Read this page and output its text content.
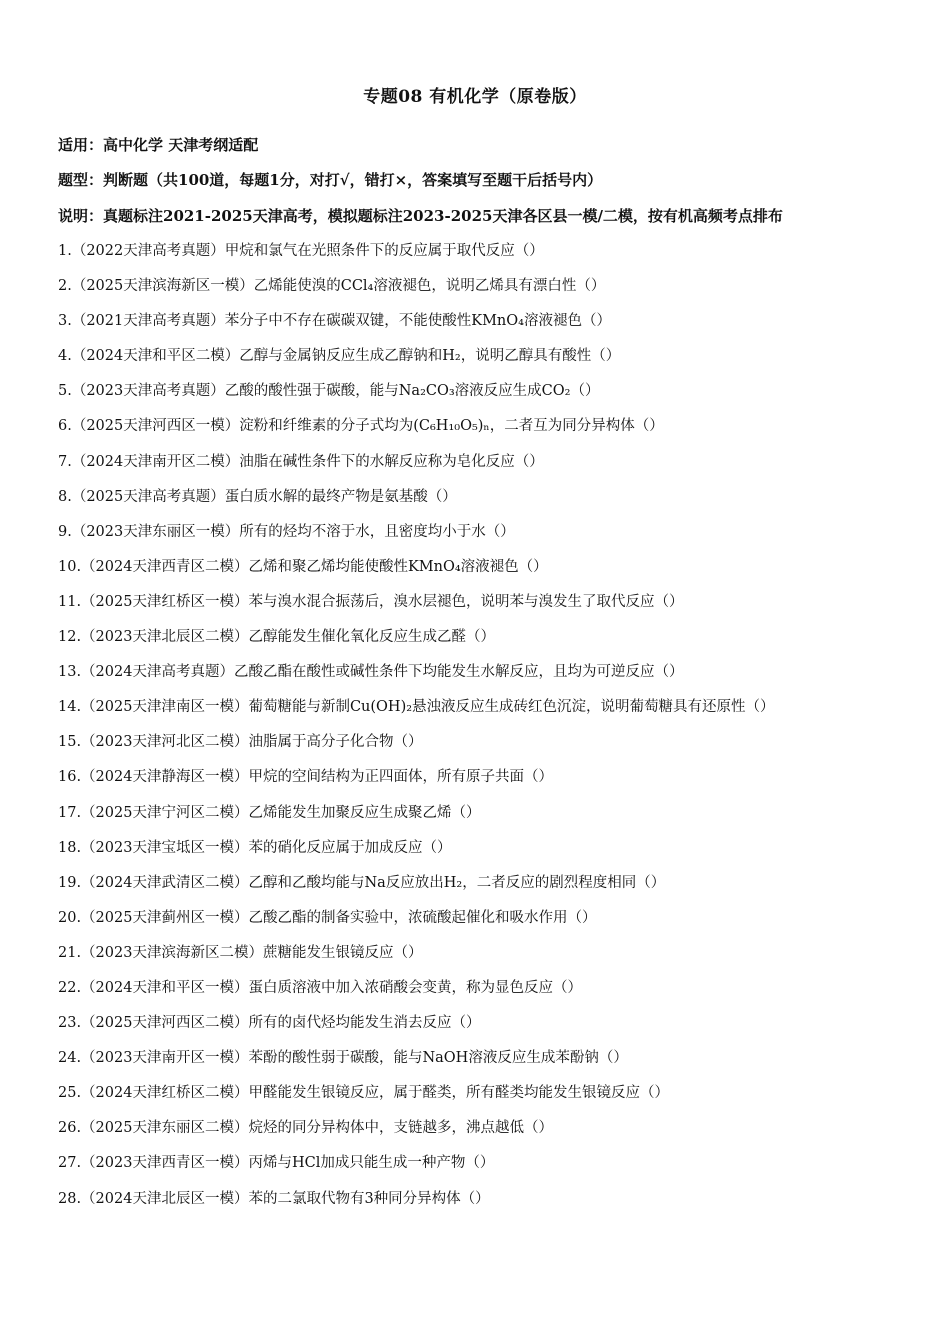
专题08 有机化学（原卷版）
适用：高中化学 天津考纲适配
题型：判断题（共100道，每题1分，对打√，错打×，答案填写至题干后括号内）
说明：真题标注2021-2025天津高考，模拟题标注2023-2025天津各区县一模/二模，按有机高频考点排布
1.（2022天津高考真题）甲烷和氯气在光照条件下的反应属于取代反应（）
2.（2025天津滨海新区一模）乙烯能使溴的CCl₄溶液褪色，说明乙烯具有漂白性（）
3.（2021天津高考真题）苯分子中不存在碳碳双键，不能使酸性KMnO₄溶液褪色（）
4.（2024天津和平区二模）乙醇与金属钠反应生成乙醇钠和H₂，说明乙醇具有酸性（）
5.（2023天津高考真题）乙酸的酸性强于碳酸，能与Na₂CO₃溶液反应生成CO₂（）
6.（2025天津河西区一模）淀粉和纤维素的分子式均为(C₆H₁₀O₅)ₙ，二者互为同分异构体（）
7.（2024天津南开区二模）油脂在碱性条件下的水解反应称为皂化反应（）
8.（2025天津高考真题）蛋白质水解的最终产物是氨基酸（）
9.（2023天津东丽区一模）所有的烃均不溶于水，且密度均小于水（）
10.（2024天津西青区二模）乙烯和聚乙烯均能使酸性KMnO₄溶液褪色（）
11.（2025天津红桥区一模）苯与溴水混合振荡后，溴水层褪色，说明苯与溴发生了取代反应（）
12.（2023天津北辰区二模）乙醇能发生催化氧化反应生成乙醛（）
13.（2024天津高考真题）乙酸乙酯在酸性或碱性条件下均能发生水解反应，且均为可逆反应（）
14.（2025天津津南区一模）葡萄糖能与新制Cu(OH)₂悬浊液反应生成砖红色沉淀，说明葡萄糖具有还原性（）
15.（2023天津河北区二模）油脂属于高分子化合物（）
16.（2024天津静海区一模）甲烷的空间结构为正四面体，所有原子共面（）
17.（2025天津宁河区二模）乙烯能发生加聚反应生成聚乙烯（）
18.（2023天津宝坻区一模）苯的硝化反应属于加成反应（）
19.（2024天津武清区二模）乙醇和乙酸均能与Na反应放出H₂，二者反应的剧烈程度相同（）
20.（2025天津蓟州区一模）乙酸乙酯的制备实验中，浓硫酸起催化和吸水作用（）
21.（2023天津滨海新区二模）蔗糖能发生银镜反应（）
22.（2024天津和平区一模）蛋白质溶液中加入浓硝酸会变黄，称为显色反应（）
23.（2025天津河西区二模）所有的卤代烃均能发生消去反应（）
24.（2023天津南开区一模）苯酚的酸性弱于碳酸，能与NaOH溶液反应生成苯酚钠（）
25.（2024天津红桥区二模）甲醛能发生银镜反应，属于醛类，所有醛类均能发生银镜反应（）
26.（2025天津东丽区二模）烷烃的同分异构体中，支链越多，沸点越低（）
27.（2023天津西青区一模）丙烯与HCl加成只能生成一种产物（）
28.（2024天津北辰区一模）苯的二氯取代物有3种同分异构体（）
